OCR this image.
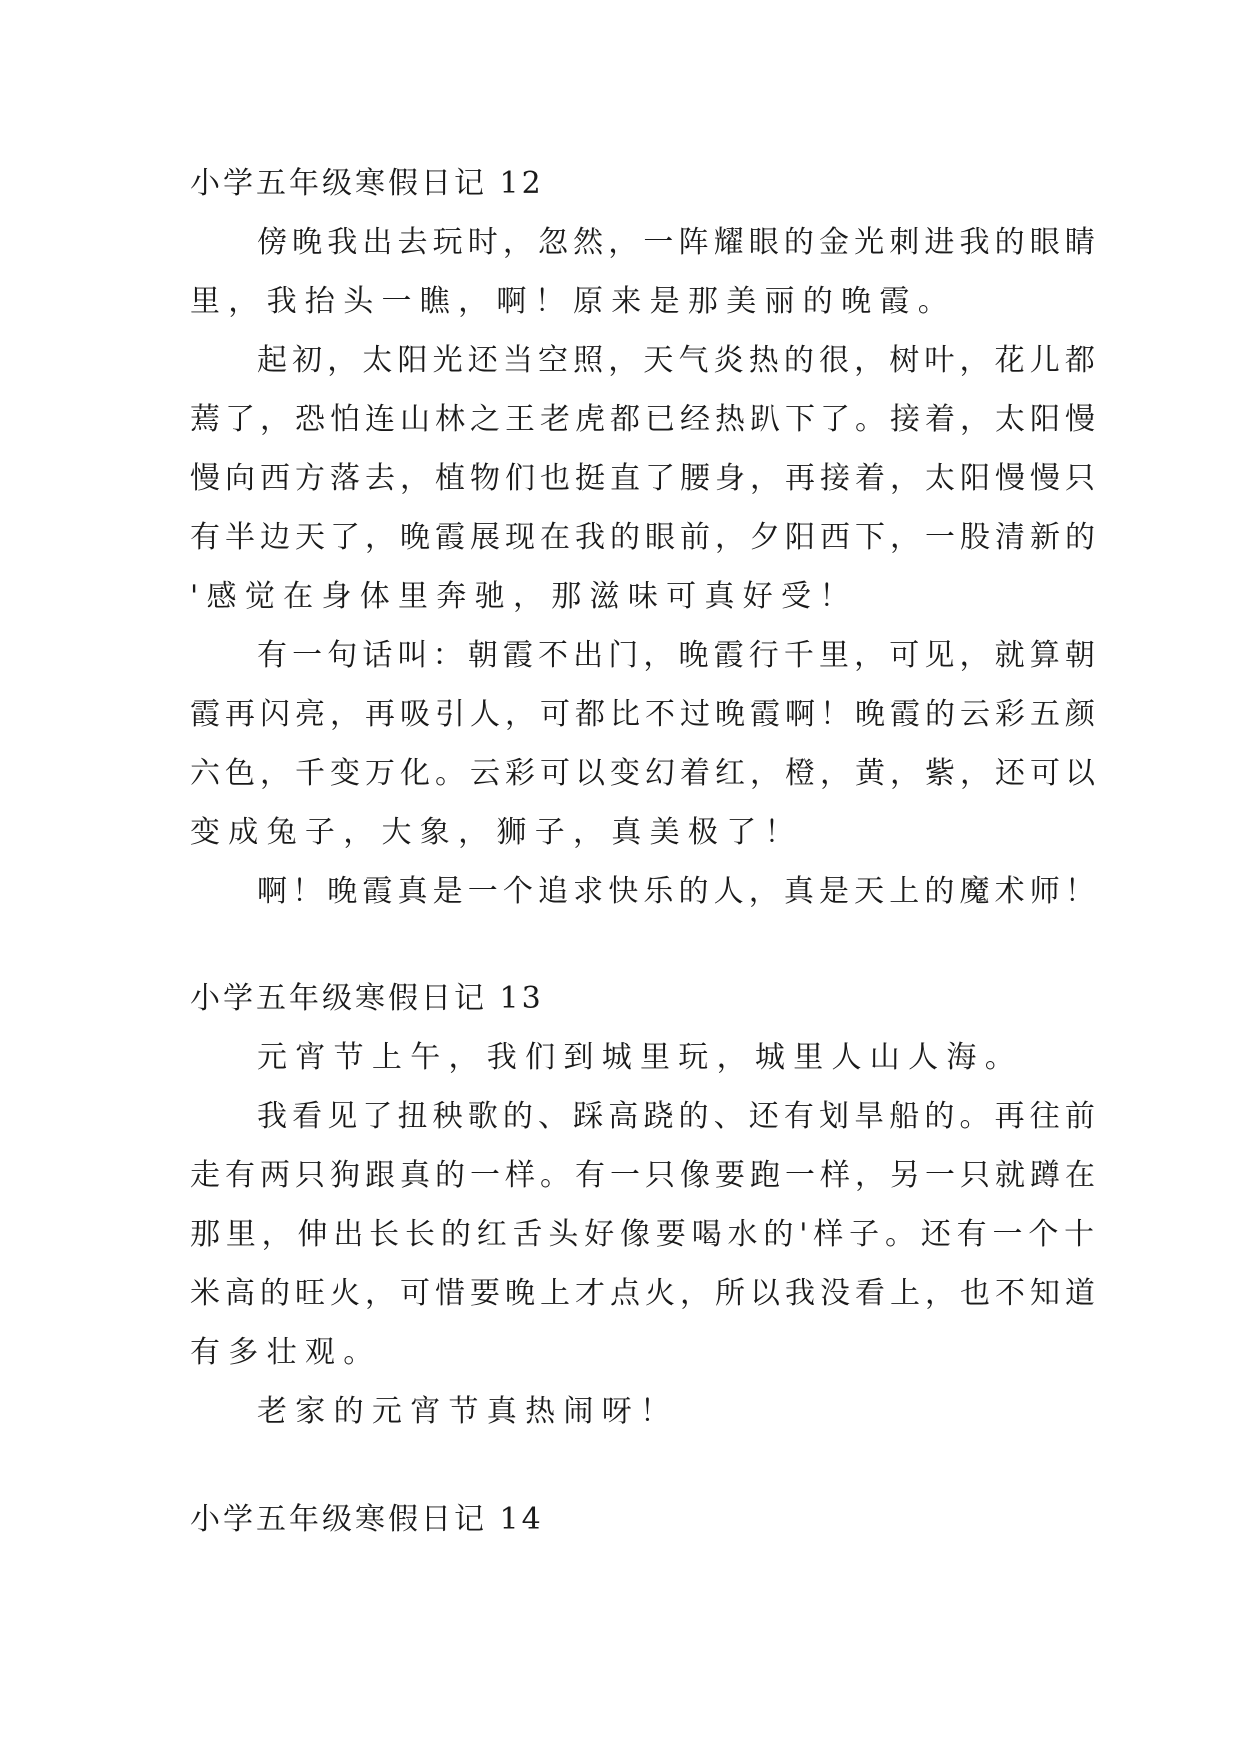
小学五年级寒假日记 12
傍晚我出去玩时，忽然，一阵耀眼的金光刺进我的眼睛
里，我抬头一瞧，啊！原来是那美丽的晚霞。
起初，太阳光还当空照，天气炎热的很，树叶，花儿都
蔫了，恐怕连山林之王老虎都已经热趴下了。接着，太阳慢
慢向西方落去，植物们也挺直了腰身，再接着，太阳慢慢只
有半边天了，晚霞展现在我的眼前，夕阳西下，一股清新的
'感觉在身体里奔驰，那滋味可真好受！
有一句话叫：朝霞不出门，晚霞行千里，可见，就算朝
霞再闪亮，再吸引人，可都比不过晚霞啊！晚霞的云彩五颜
六色，千变万化。云彩可以变幻着红，橙，黄，紫，还可以
变成兔子，大象，狮子，真美极了！
啊！晚霞真是一个追求快乐的人，真是天上的魔术师！
小学五年级寒假日记 13
元宵节上午，我们到城里玩，城里人山人海。
我看见了扭秧歌的、踩高跷的、还有划旱船的。再往前
走有两只狗跟真的一样。有一只像要跑一样，另一只就蹲在
那里，伸出长长的红舌头好像要喝水的'样子。还有一个十
米高的旺火，可惜要晚上才点火，所以我没看上，也不知道
有多壮观。
老家的元宵节真热闹呀！
小学五年级寒假日记 14
